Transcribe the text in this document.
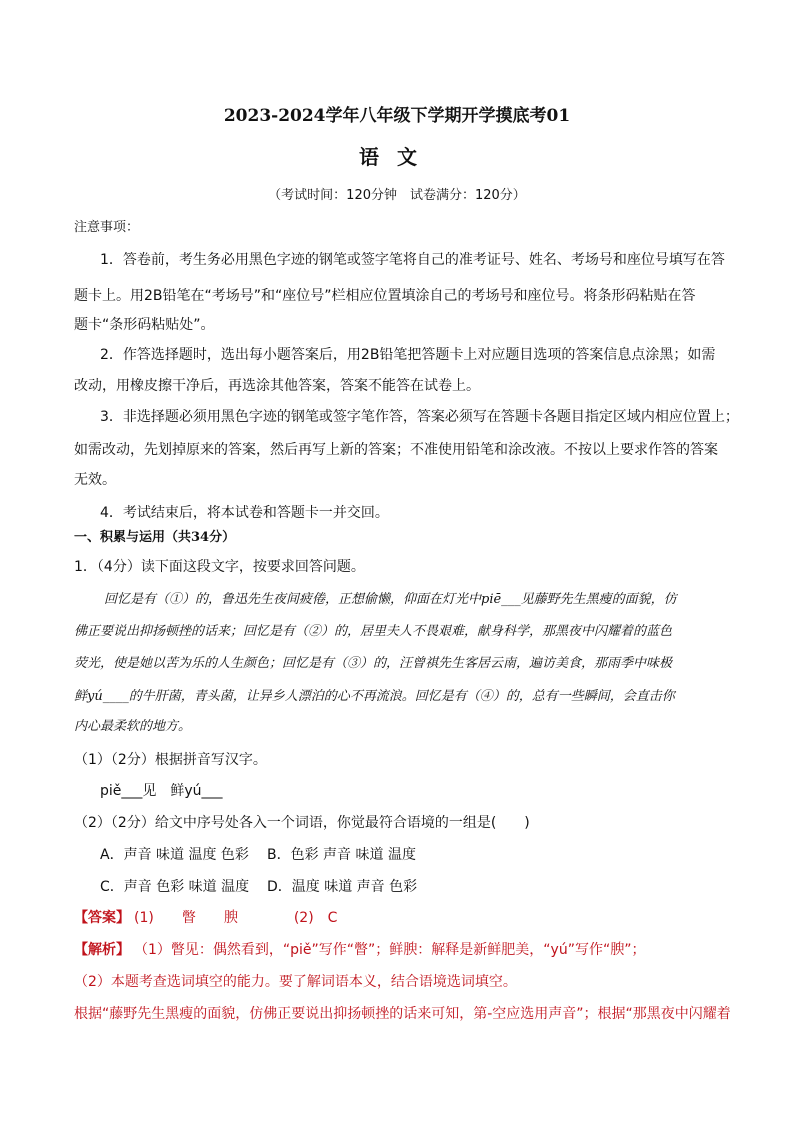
2023-2024学年八年级下学期开学摸底考01
语文
（考试时间：120分钟　试卷满分：120分）
注意事项：
1．答卷前，考生务必用黑色字迹的钢笔或签字笔将自己的准考证号、姓名、考场号和座位号填写在答
题卡上。用2B铅笔在“考场号”和“座位号”栏相应位置填涂自己的考场号和座位号。将条形码粘贴在答
题卡“条形码粘贴处”。
2．作答选择题时，选出每小题答案后，用2B铅笔把答题卡上对应题目选项的答案信息点涂黑；如需
改动，用橡皮擦干净后，再选涂其他答案，答案不能答在试卷上。
3．非选择题必须用黑色字迹的钢笔或签字笔作答，答案必须写在答题卡各题目指定区域内相应位置上；
如需改动，先划掉原来的答案，然后再写上新的答案；不准使用铅笔和涂改液。不按以上要求作答的答案
无效。
4．考试结束后，将本试卷和答题卡一并交回。
一、积累与运用（共34分）
1．（4分）读下面这段文字，按要求回答问题。
回忆是有（①）的，鲁迅先生夜间疲倦，正想偷懒，仰面在灯光中piē___见藤野先生黑瘦的面貌，仿
佛正要说出抑扬顿挫的话来；回忆是有（②）的，居里夫人不畏艰难，献身科学，那黑夜中闪耀着的蓝色
荧光，使是她以苦为乐的人生颜色；回忆是有（③）的，汪曾祺先生客居云南，遍访美食，那雨季中味极
鲜yú____的牛肝菌，青头菌，让异乡人漂泊的心不再流浪。回忆是有（④）的，总有一些瞬间，会直击你
内心最柔软的地方。
（1）（2分）根据拼音写汉字。
piě___见　鲜yú___
（2）（2分）给文中序号处各入一个词语，你觉最符合语境的一组是(　　)
A．声音 味道 温度 色彩 B．色彩 声音 味道 温度
C．声音 色彩 味道 温度 D．温度 味道 声音 色彩
【答案】 (1)　　瞥　　腴　　　　(2)　C
【解析】 （1）瞥见：偶然看到，“piě”写作“瞥”；鲜腴：解释是新鲜肥美，“yú”写作“腴”；
（2）本题考查选词填空的能力。要了解词语本义，结合语境选词填空。
根据“藤野先生黑瘦的面貌，仿佛正要说出抑扬顿挫的话来可知，第-空应选用声音”；根据“那黑夜中闪耀着
